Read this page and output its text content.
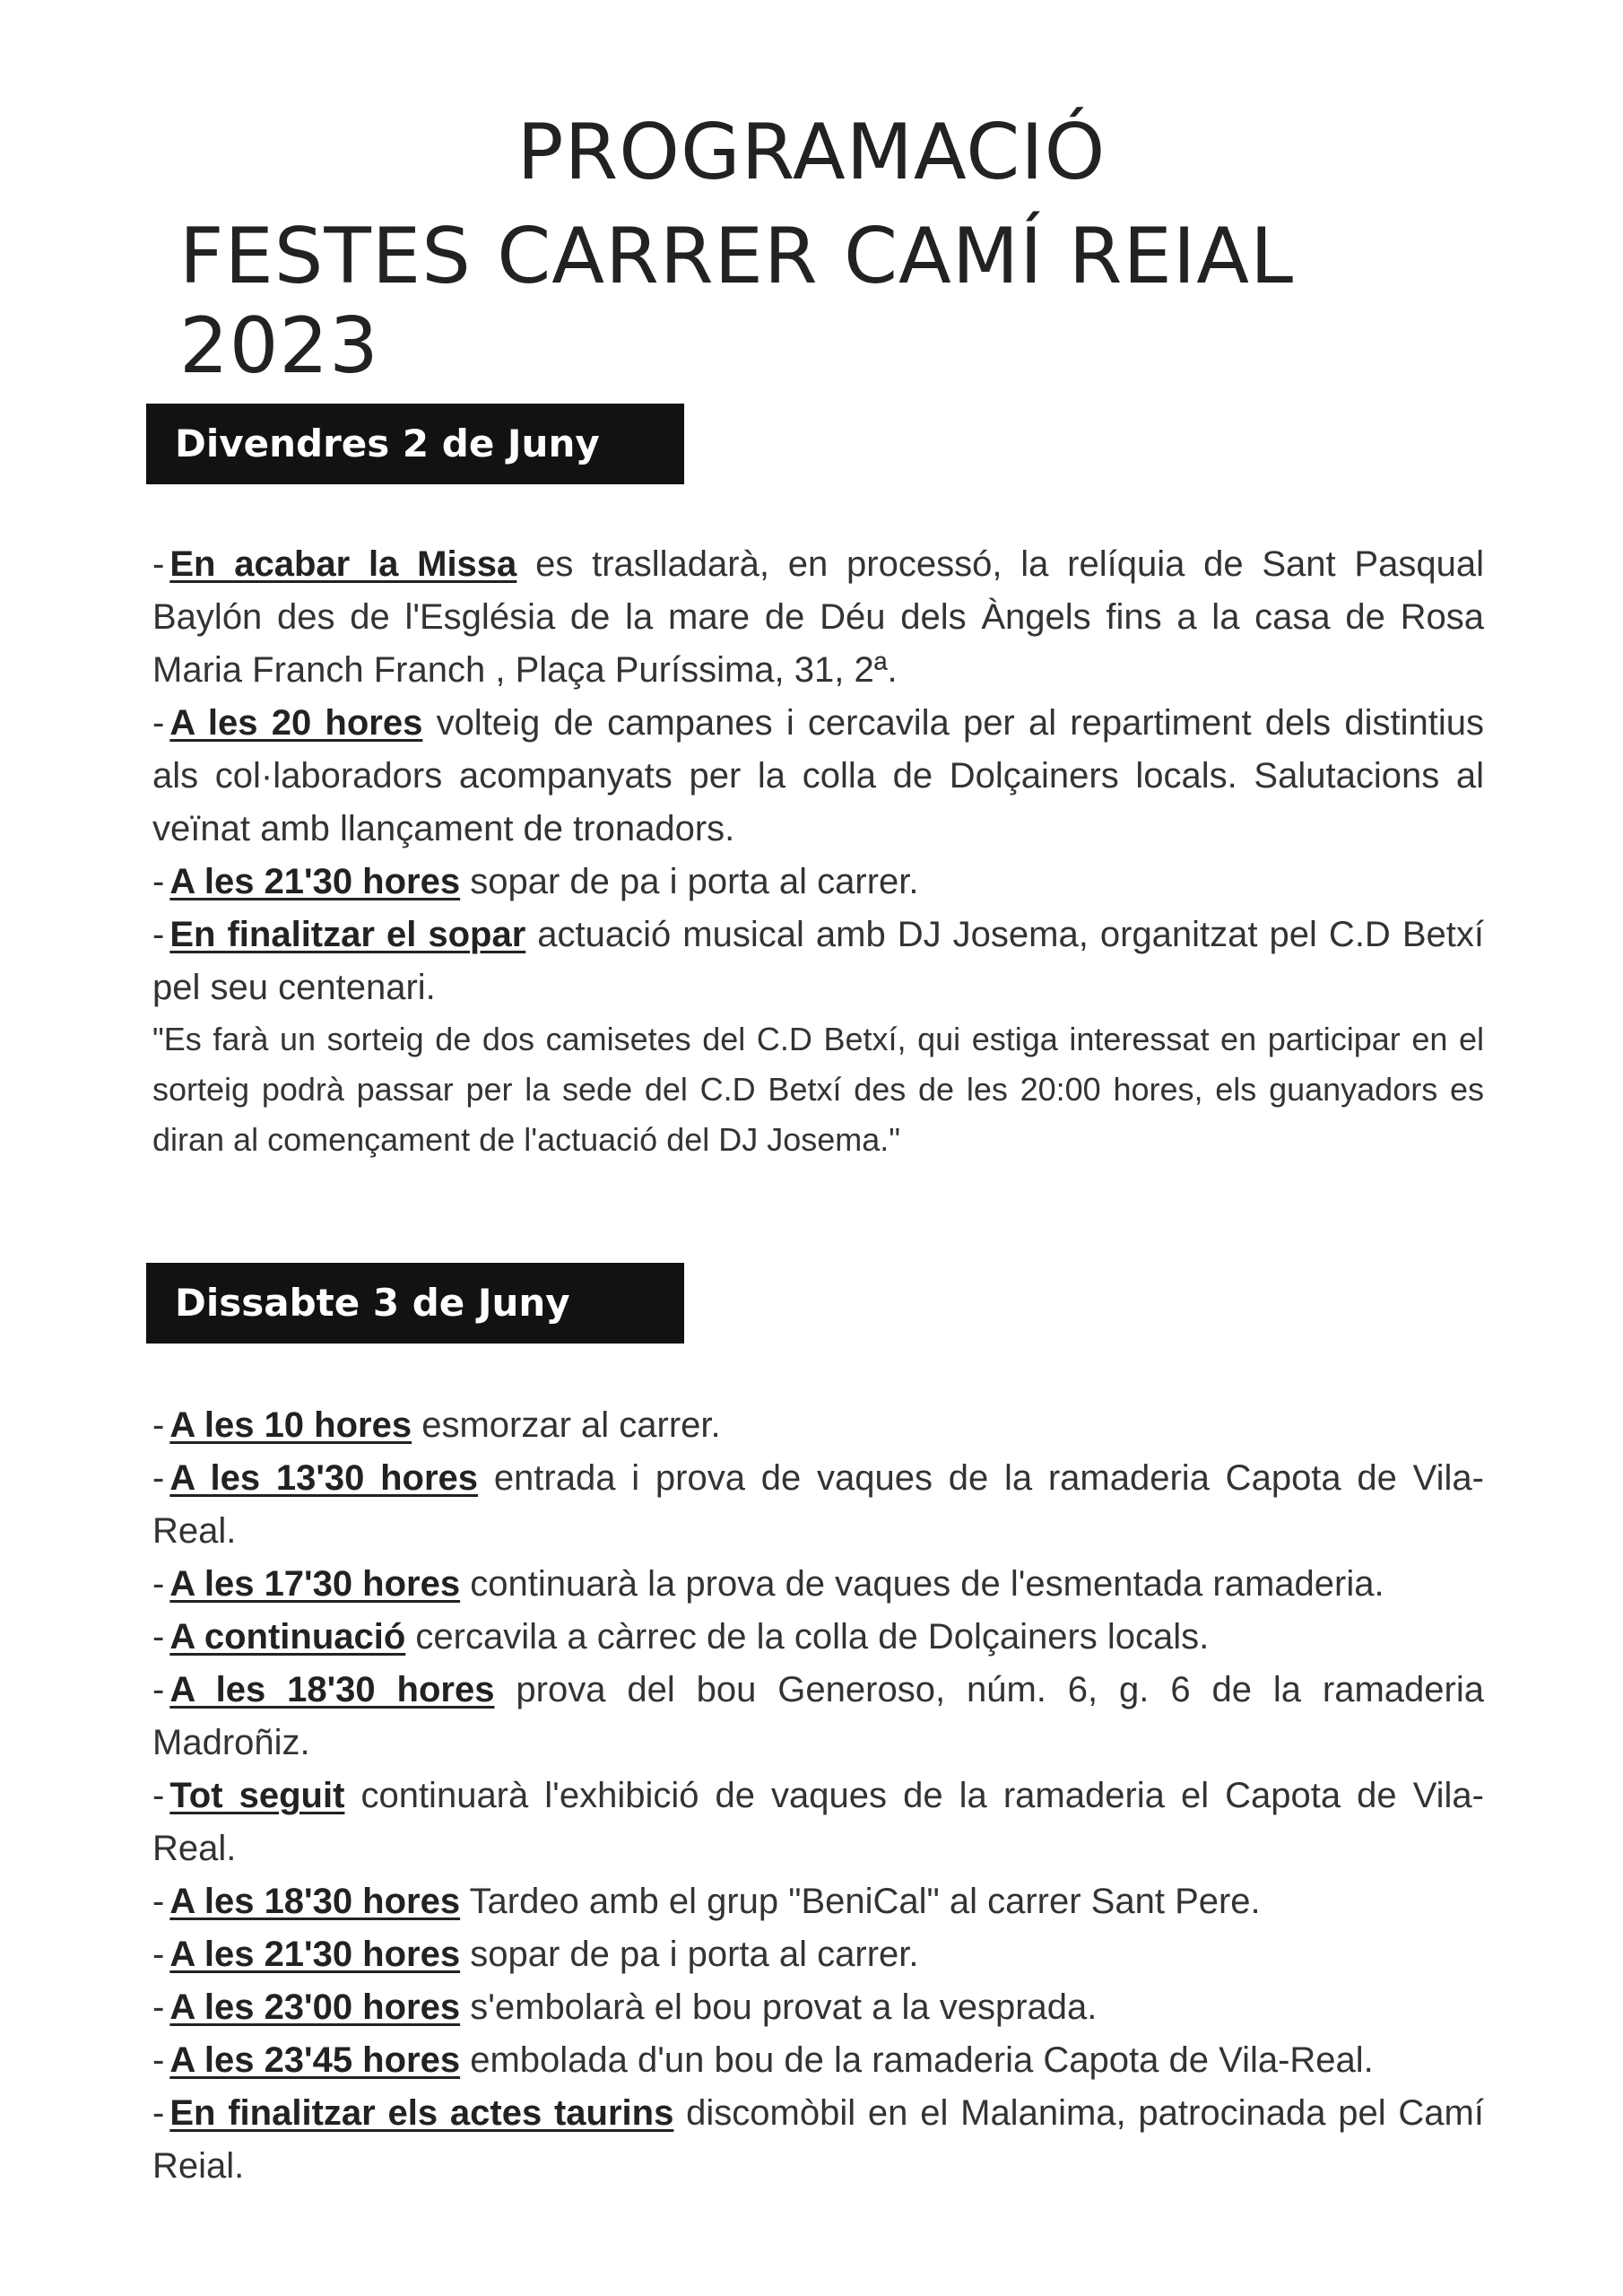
PROGRAMACIÓ
FESTES CARRER CAMÍ REIAL 2023
Divendres 2 de Juny

- En acabar la Missa es traslladarà, en processó, la relíquia de Sant Pasqual Baylón des de l'Església de la mare de Déu dels Àngels fins a la casa de Rosa Maria Franch Franch , Plaça Puríssima, 31, 2ª.

- A les 20 hores volteig de campanes i cercavila per al repartiment dels distintius als col·laboradors acompanyats per la colla de Dolçainers locals. Salutacions al veïnat amb llançament de tronadors.

- A les 21'30 hores sopar de pa i porta al carrer.

- En finalitzar el sopar actuació musical amb DJ Josema, organitzat pel C.D Betxí pel seu centenari.

"Es farà un sorteig de dos camisetes del C.D Betxí, qui estiga interessat en participar en el sorteig podrà passar per la sede del C.D Betxí des de les 20:00 hores, els guanyadors es diran al començament de l'actuació del DJ Josema."

Dissabte 3 de Juny

- A les 10 hores esmorzar al carrer.

- A les 13'30 hores entrada i prova de vaques de la ramaderia Capota de Vila-Real.

- A les 17'30 hores continuarà la prova de vaques de l'esmentada ramaderia.

- A continuació cercavila a càrrec de la colla de Dolçainers locals.

- A les 18'30 hores prova del bou Generoso, núm. 6, g. 6 de la ramaderia Madroñiz.

- Tot seguit continuarà l'exhibició de vaques de la ramaderia el Capota de Vila-Real.

- A les 18'30 hores Tardeo amb el grup "BeniCal" al carrer Sant Pere.

- A les 21'30 hores sopar de pa i porta al carrer.

- A les 23'00 hores s'embolarà el bou provat a la vesprada.

- A les 23'45 hores embolada d'un bou de la ramaderia Capota de Vila-Real.

- En finalitzar els actes taurins discomòbil en el Malanima, patrocinada pel Camí Reial.
